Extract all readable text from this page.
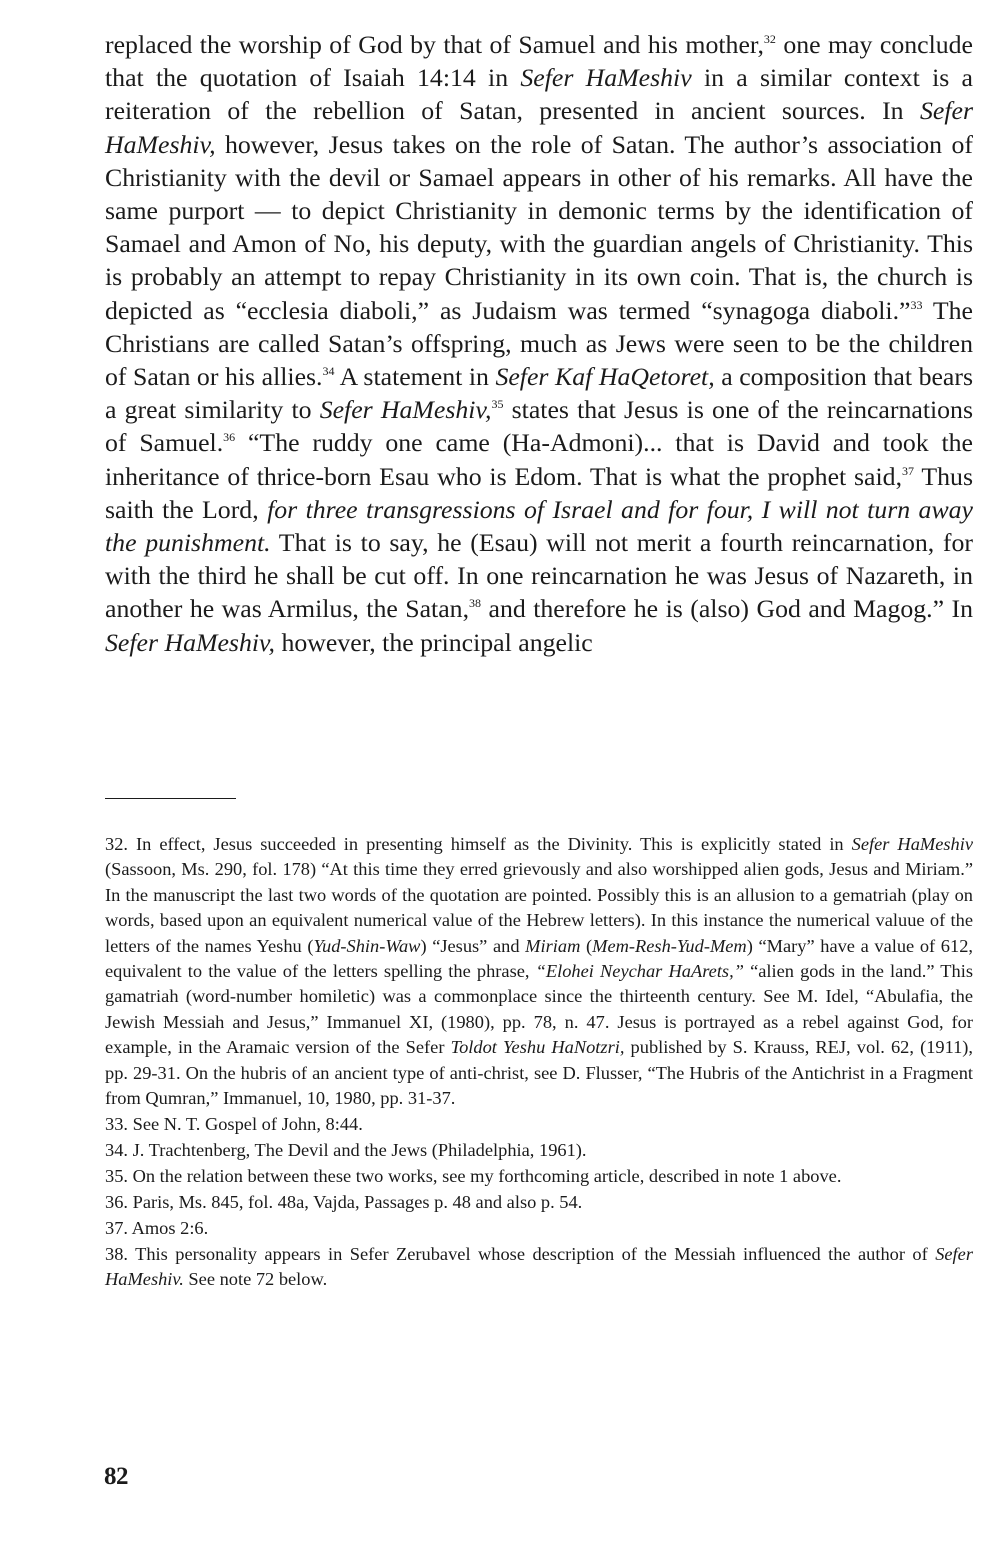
replaced the worship of God by that of Samuel and his mother,$^{32}$ one may conclude that the quotation of Isaiah 14:14 in Sefer HaMeshiv in a similar context is a reiteration of the rebellion of Satan, presented in ancient sources. In Sefer HaMeshiv, however, Jesus takes on the role of Satan. The author’s association of Christianity with the devil or Samael appears in other of his remarks. All have the same purport — to depict Christianity in demonic terms by the identification of Samael and Amon of No, his deputy, with the guardian angels of Christianity. This is probably an attempt to repay Christianity in its own coin. That is, the church is depicted as “ecclesia diaboli,” as Judaism was termed “synagoga diaboli.”$^{33}$ The Christians are called Satan’s offspring, much as Jews were seen to be the children of Satan or his allies.$^{34}$ A statement in Sefer Kaf HaQetoret, a composition that bears a great similarity to Sefer HaMeshiv,$^{35}$ states that Jesus is one of the reincarnations of Samuel.$^{36}$ “The ruddy one came (Ha-Admoni)... that is David and took the inheritance of thrice-born Esau who is Edom. That is what the prophet said,$^{37}$ Thus saith the Lord, for three transgressions of Israel and for four, I will not turn away the punishment. That is to say, he (Esau) will not merit a fourth reincarnation, for with the third he shall be cut off. In one reincarnation he was Jesus of Nazareth, in another he was Armilus, the Satan,$^{38}$ and therefore he is (also) God and Magog.” In Sefer HaMeshiv, however, the principal angelic

32. In effect, Jesus succeeded in presenting himself as the Divinity. This is explicitly stated in Sefer HaMeshiv (Sassoon, Ms. 290, fol. 178) “At this time they erred grievously and also worshipped alien gods, Jesus and Miriam.” In the manuscript the last two words of the quotation are pointed. Possibly this is an allusion to a gematriah (play on words, based upon an equivalent numerical value of the Hebrew letters). In this instance the numerical valuue of the letters of the names Yeshu (Yud-Shin-Waw) “Jesus” and Miriam (Mem-Resh-Yud-Mem) “Mary” have a value of 612, equivalent to the value of the letters spelling the phrase, “Elohei Neychar HaArets,” “alien gods in the land.” This gamatriah (word-number homiletic) was a commonplace since the thirteenth century. See M. Idel, “Abulafia, the Jewish Messiah and Jesus,” Immanuel XI, (1980), pp. 78, n. 47. Jesus is portrayed as a rebel against God, for example, in the Aramaic version of the Sefer Toldot Yeshu HaNotzri, published by S. Krauss, REJ, vol. 62, (1911), pp. 29-31. On the hubris of an ancient type of anti-christ, see D. Flusser, “The Hubris of the Antichrist in a Fragment from Qumran,” Immanuel, 10, 1980, pp. 31-37.

33. See N. T. Gospel of John, 8:44.

34. J. Trachtenberg, The Devil and the Jews (Philadelphia, 1961).

35. On the relation between these two works, see my forthcoming article, described in note 1 above.

36. Paris, Ms. 845, fol. 48a, Vajda, Passages p. 48 and also p. 54.

37. Amos 2:6.

38. This personality appears in Sefer Zerubavel whose description of the Messiah influenced the author of Sefer HaMeshiv. See note 72 below.

82
